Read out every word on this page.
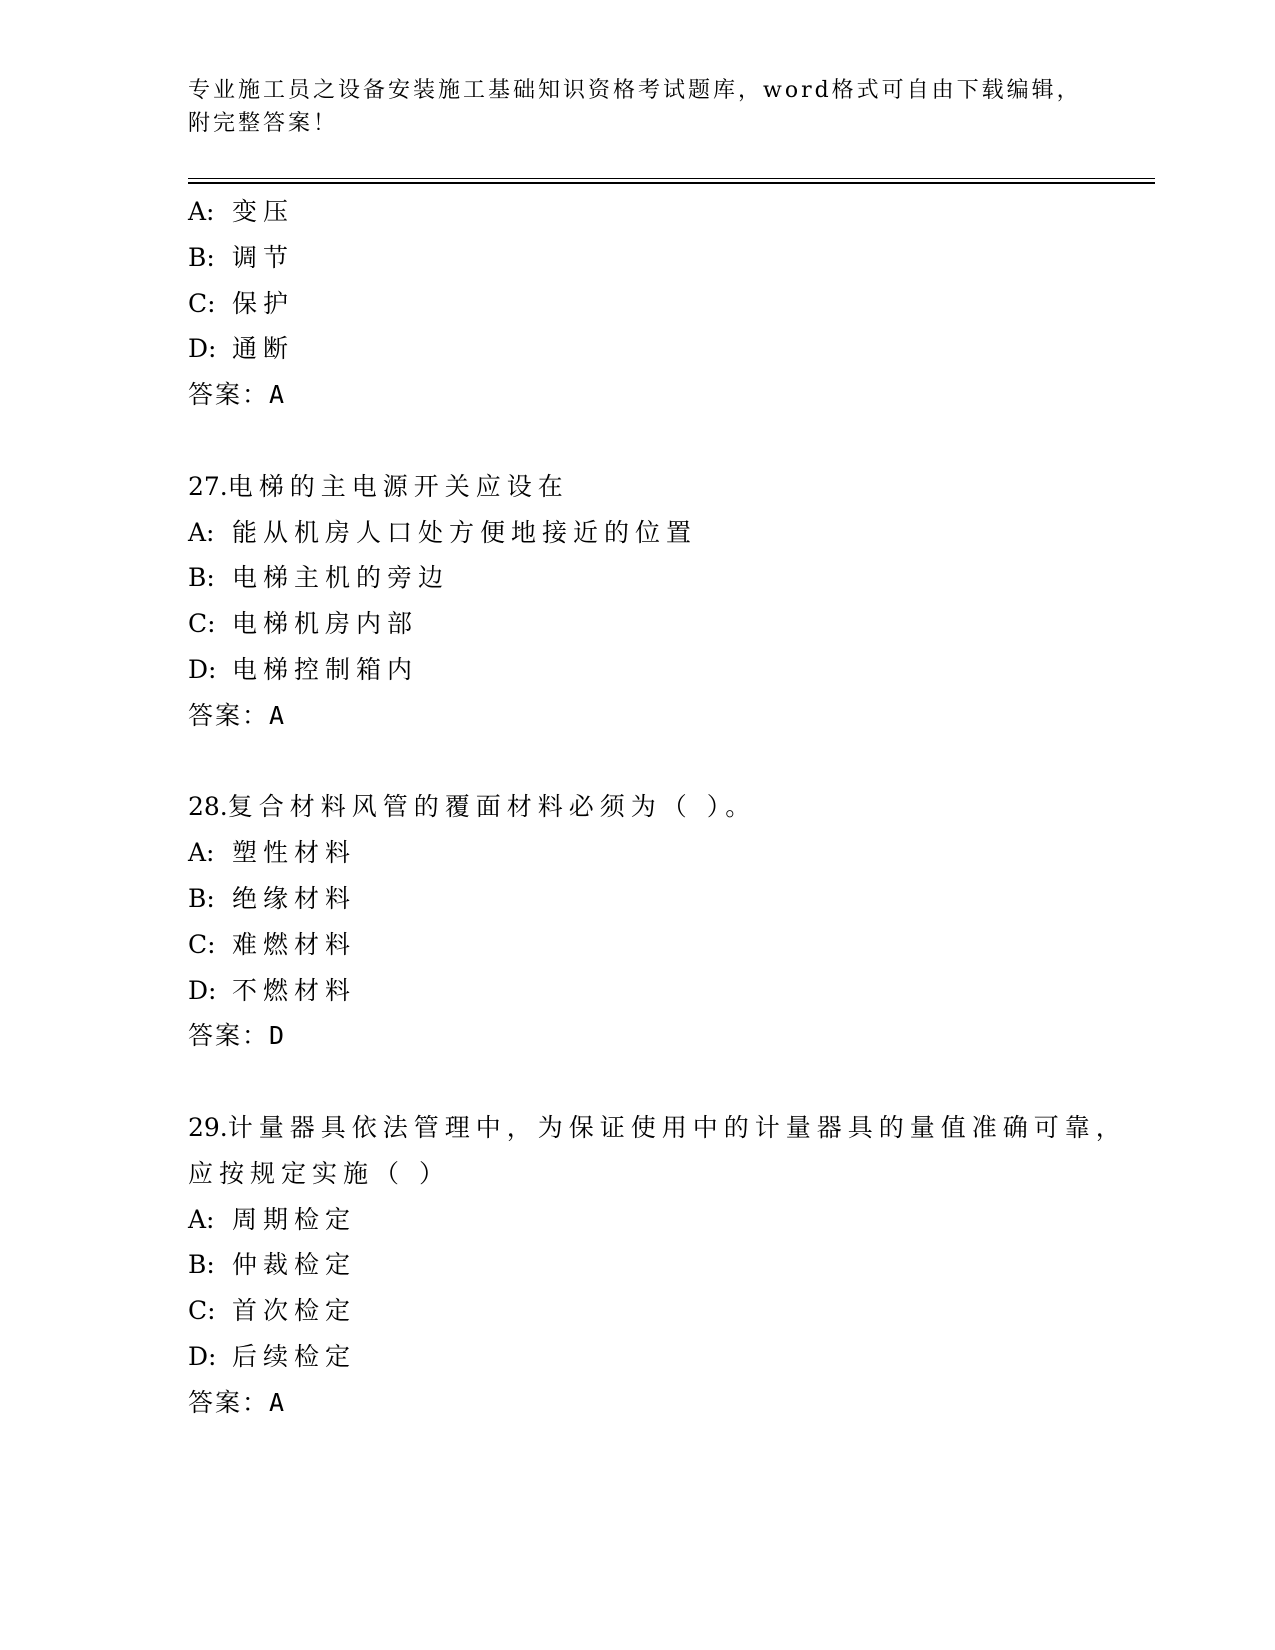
专业施工员之设备安装施工基础知识资格考试题库，word格式可自由下载编辑，
附完整答案！
A: 变压
B: 调节
C: 保护
D: 通断
答案：A
27.电梯的主电源开关应设在
A: 能从机房人口处方便地接近的位置
B: 电梯主机的旁边
C: 电梯机房内部
D: 电梯控制箱内
答案：A
28.复合材料风管的覆面材料必须为（ ）。
A: 塑性材料
B: 绝缘材料
C: 难燃材料
D: 不燃材料
答案：D
29.计量器具依法管理中，为保证使用中的计量器具的量值准确可靠，
应按规定实施（ ）
A: 周期检定
B: 仲裁检定
C: 首次检定
D: 后续检定
答案：A
